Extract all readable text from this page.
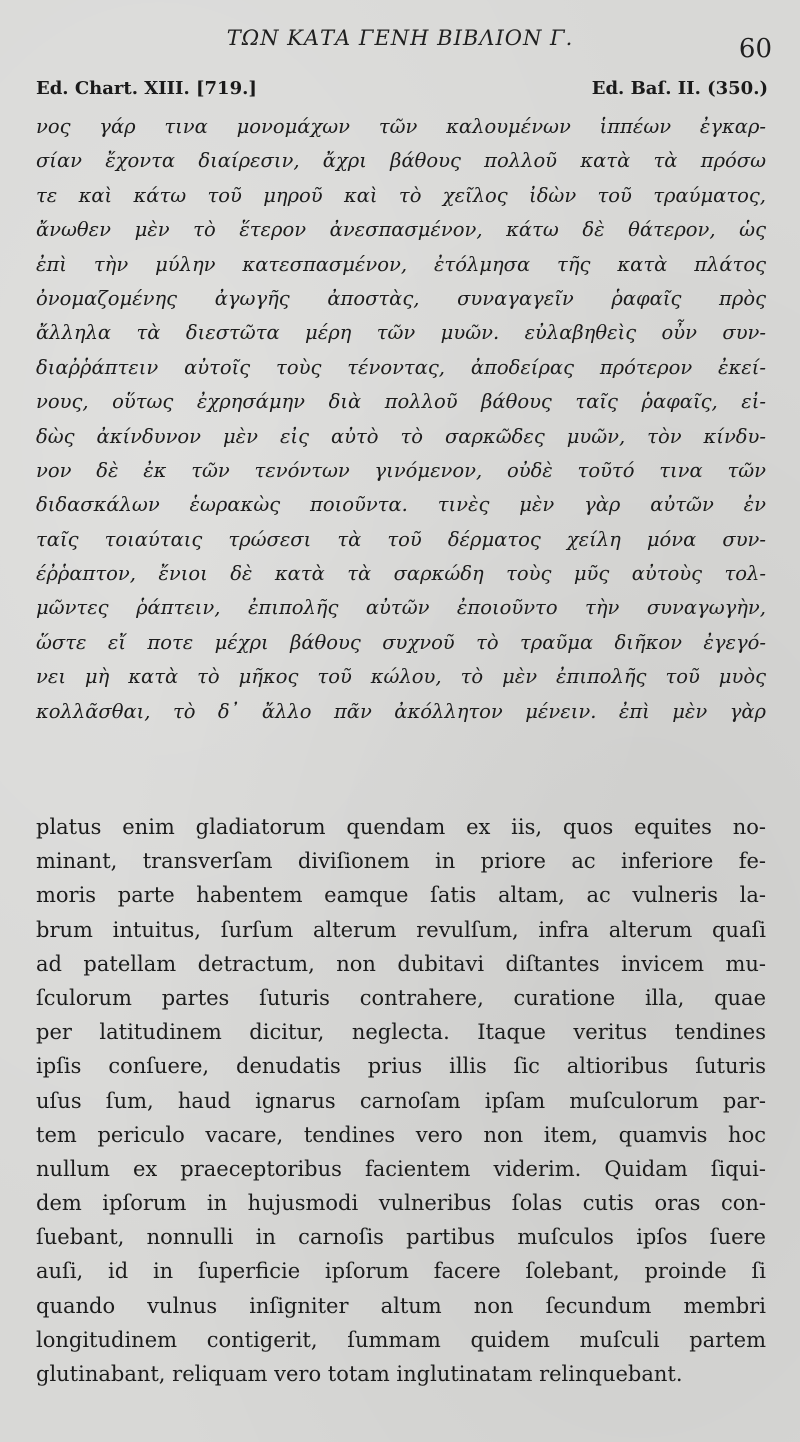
ΤΩΝ ΚΑΤΑ ΓΕΝΗ ΒΙΒΛΙΟΝ Γ.	60
Ed. Chart. XIII. [719.]	Ed. Baſ. II. (350.)
νος γάρ τινα μονομάχων τῶν καλουμένων ἱππέων ἐγκαρ-
σίαν ἔχοντα διαίρεσιν, ἄχρι βάθους πολλοῦ κατὰ τὰ πρόσω
τε καὶ κάτω τοῦ μηροῦ καὶ τὸ χεῖλος ἰδὼν τοῦ τραύματος,
ἄνωθεν μὲν τὸ ἕτερον ἀνεσπασμένον, κάτω δὲ θάτερον, ὡς
ἐπὶ τὴν μύλην κατεσπασμένον, ἐτόλμησα τῆς κατὰ πλάτος
ὀνομαζομένης ἀγωγῆς ἀποστὰς, συναγαγεῖν ῥαφαῖς πρὸς
ἄλληλα τὰ διεστῶτα μέρη τῶν μυῶν. εὐλαβηθεὶς οὖν συν-
διαῤῥάπτειν αὐτοῖς τοὺς τένοντας, ἀποδείρας πρότερον ἐκεί-
νους, οὕτως ἐχρησάμην διὰ πολλοῦ βάθους ταῖς ῥαφαῖς, εἰ-
δὼς ἀκίνδυνον μὲν εἰς αὐτὸ τὸ σαρκῶδες μυῶν, τὸν κίνδυ-
νον δὲ ἐκ τῶν τενόντων γινόμενον, οὐδὲ τοῦτό τινα τῶν
διδασκάλων ἑωρακὼς ποιοῦντα. τινὲς μὲν γὰρ αὐτῶν ἐν
ταῖς τοιαύταις τρώσεσι τὰ τοῦ δέρματος χείλη μόνα συν-
έῤῥαπτον, ἔνιοι δὲ κατὰ τὰ σαρκώδη τοὺς μῦς αὐτοὺς τολ-
μῶντες ῥάπτειν, ἐπιπολῆς αὐτῶν ἐποιοῦντο τὴν συναγωγὴν,
ὥστε εἴ ποτε μέχρι βάθους συχνοῦ τὸ τραῦμα διῆκον ἐγεγό-
νει μὴ κατὰ τὸ μῆκος τοῦ κώλου, τὸ μὲν ἐπιπολῆς τοῦ μυὸς
κολλᾶσθαι, τὸ δ᾽ ἄλλο πᾶν ἀκόλλητον μένειν. ἐπὶ μὲν γὰρ
platus enim gladiatorum quendam ex iis, quos equites no-
minant, transverſam diviſionem in priore ac inferiore fe-
moris parte habentem eamque ſatis altam, ac vulneris la-
brum intuitus, ſurſum alterum revulſum, infra alterum quaſi
ad patellam detractum, non dubitavi diſtantes invicem mu-
ſculorum partes ſuturis contrahere, curatione illa, quae
per latitudinem dicitur, neglecta. Itaque veritus tendines
ipſis conſuere, denudatis prius illis ſic altioribus ſuturis
uſus ſum, haud ignarus carnoſam ipſam muſculorum par-
tem periculo vacare, tendines vero non item, quamvis hoc
nullum ex praeceptoribus facientem viderim. Quidam ſiqui-
dem ipſorum in hujusmodi vulneribus ſolas cutis oras con-
ſuebant, nonnulli in carnoſis partibus muſculos ipſos ſuere
auſi, id in ſuperficie ipſorum facere ſolebant, proinde ſi
quando vulnus inſigniter altum non ſecundum membri
longitudinem contigerit, ſummam quidem muſculi partem
glutinabant, reliquam vero totam inglutinatam relinquebant.
